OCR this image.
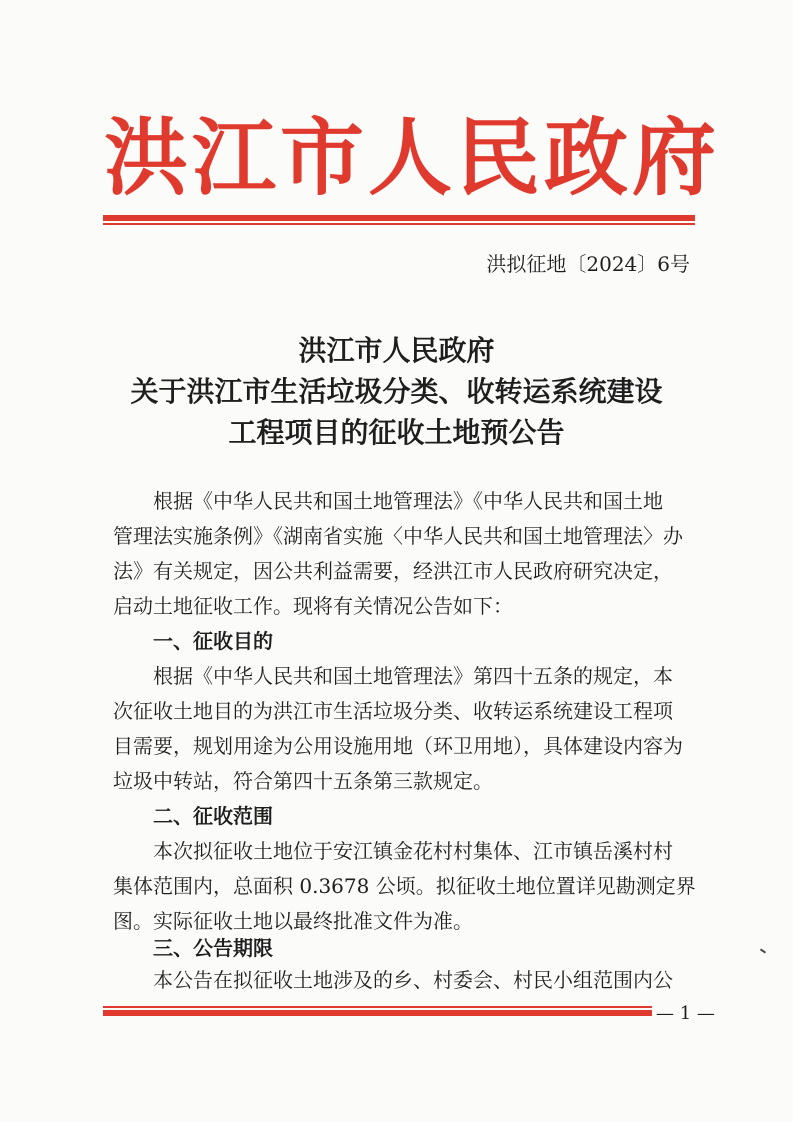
洪江市人民政府
洪拟征地〔2024〕6号
洪江市人民政府
关于洪江市生活垃圾分类、收转运系统建设
工程项目的征收土地预公告
根据《中华人民共和国土地管理法》《中华人民共和国土地
管理法实施条例》《湖南省实施〈中华人民共和国土地管理法〉办
法》有关规定，因公共利益需要，经洪江市人民政府研究决定，
启动土地征收工作。现将有关情况公告如下：
一、征收目的
根据《中华人民共和国土地管理法》第四十五条的规定，本
次征收土地目的为洪江市生活垃圾分类、收转运系统建设工程项
目需要，规划用途为公用设施用地（环卫用地），具体建设内容为
垃圾中转站，符合第四十五条第三款规定。
二、征收范围
本次拟征收土地位于安江镇金花村村集体、江市镇岳溪村村
集体范围内，总面积 0.3678 公顷。拟征收土地位置详见勘测定界
图。实际征收土地以最终批准文件为准。
三、公告期限
本公告在拟征收土地涉及的乡、村委会、村民小组范围内公
— 1 —
